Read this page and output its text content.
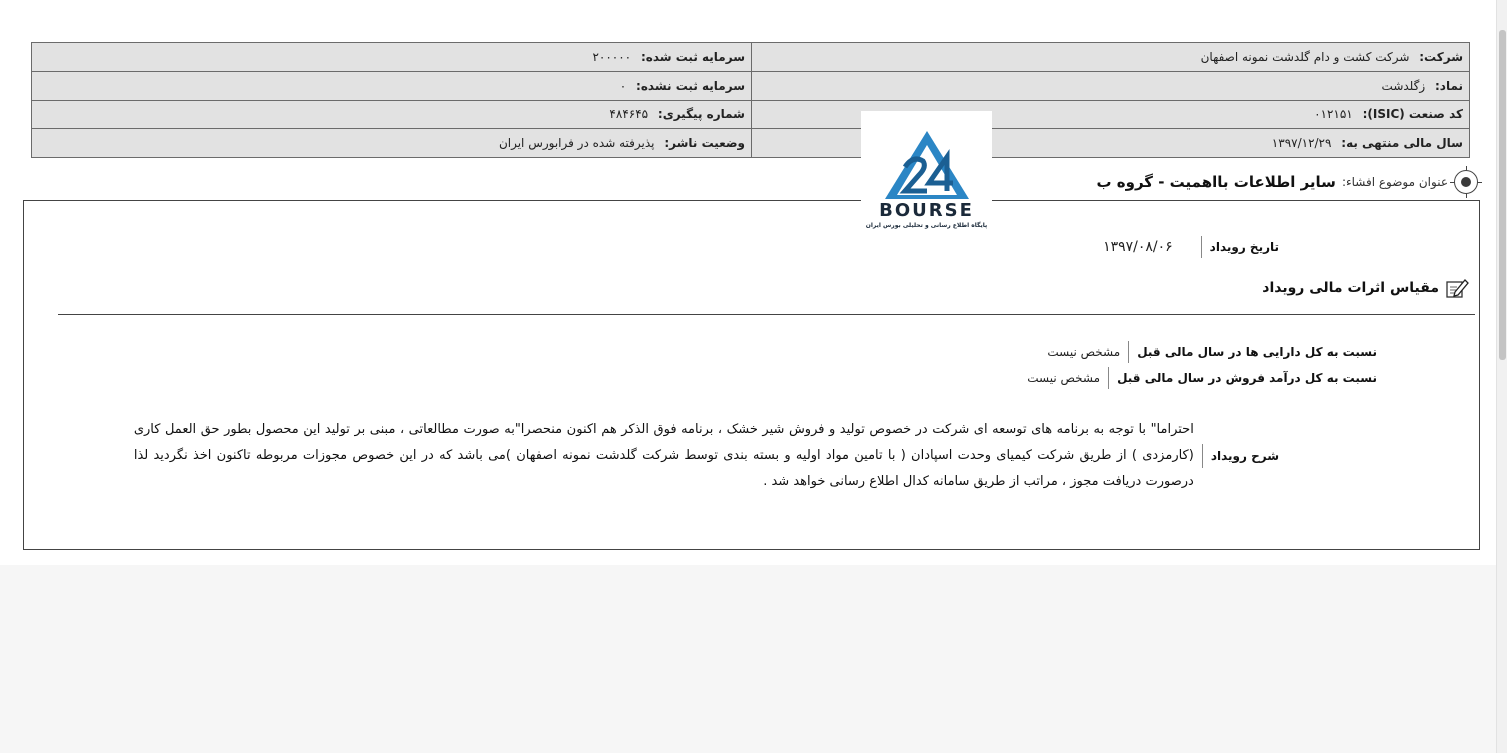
شرکت: شرکت کشت و دام گلدشت نمونه اصفهان	سرمایه ثبت شده: ۲۰۰۰۰۰
نماد: زگلدشت	سرمایه ثبت نشده: ۰
کد صنعت (ISIC): ۰۱۲۱۵۱	شماره پیگیری: ۴۸۴۶۴۵
سال مالی منتهی به: ۱۳۹۷/۱۲/۲۹	وضعیت ناشر: پذیرفته شده در فرابورس ایران
عنوان موضوع افشاء:
سایر اطلاعات بااهمیت - گروه ب
تاریخ رویداد
۱۳۹۷/۰۸/۰۶
مقیاس اثرات مالی رویداد
نسبت به کل دارایی ها در سال مالی قبل
مشخص نیست
نسبت به کل درآمد فروش در سال مالی قبل
مشخص نیست
شرح رویداد
احتراما" با توجه به برنامه های توسعه ای شرکت در خصوص تولید و فروش شیر خشک ، برنامه فوق الذکر هم اکنون منحصرا"به صورت مطالعاتی ، مبنی بر تولید این محصول بطور حق العمل کاری (کارمزدی ) از طریق شرکت کیمیای وحدت اسپادان ( با تامین مواد اولیه و بسته بندی توسط شرکت گلدشت نمونه اصفهان )می باشد که در این خصوص مجوزات مربوطه تاکنون اخذ نگردید لذا درصورت دریافت مجوز ، مراتب از طریق سامانه کدال اطلاع رسانی خواهد شد .
BOURSE
پایگاه اطلاع رسانی و تحلیلی بورس ایران
